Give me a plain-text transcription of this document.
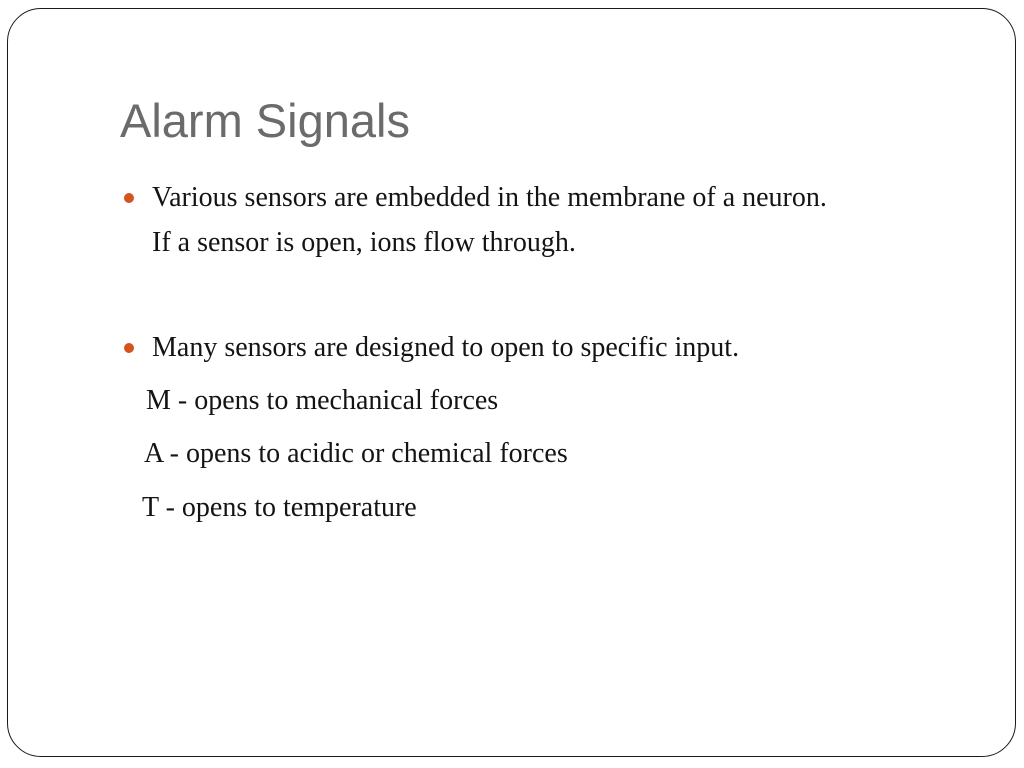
Alarm Signals
Various sensors are embedded in the membrane of a neuron.
If a sensor is open, ions flow through.
Many sensors are designed to open to specific input.
M - opens to mechanical forces
A - opens to acidic or chemical forces
T - opens to temperature
